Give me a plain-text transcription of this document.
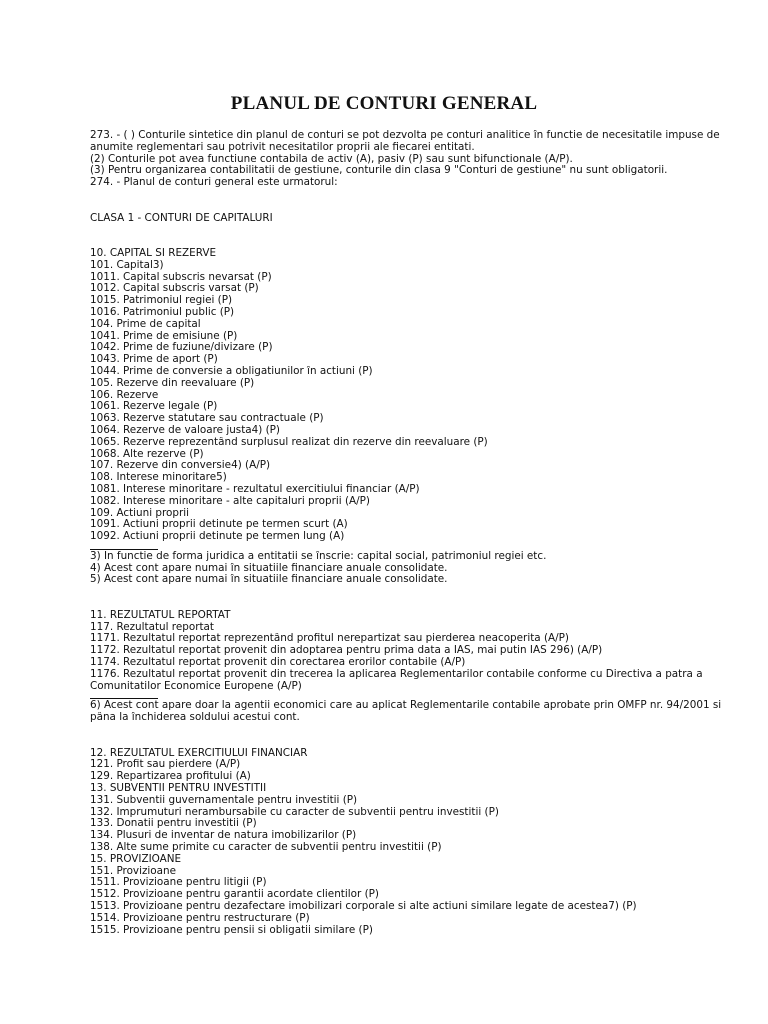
PLANUL DE CONTURI GENERAL
273. - ( ) Conturile sintetice din planul de conturi se pot dezvolta pe conturi analitice în functie de necesitatile impuse de
anumite reglementari sau potrivit necesitatilor proprii ale fiecarei entitati.
(2) Conturile pot avea functiune contabila de activ (A), pasiv (P) sau sunt bifunctionale (A/P).
(3) Pentru organizarea contabilitatii de gestiune, conturile din clasa 9 "Conturi de gestiune" nu sunt obligatorii.
274. - Planul de conturi general este urmatorul:
CLASA 1 - CONTURI DE CAPITALURI
10. CAPITAL SI REZERVE
101. Capital3)
1011. Capital subscris nevarsat (P)
1012. Capital subscris varsat (P)
1015. Patrimoniul regiei (P)
1016. Patrimoniul public (P)
104. Prime de capital
1041. Prime de emisiune (P)
1042. Prime de fuziune/divizare (P)
1043. Prime de aport (P)
1044. Prime de conversie a obligatiunilor în actiuni (P)
105. Rezerve din reevaluare (P)
106. Rezerve
1061. Rezerve legale (P)
1063. Rezerve statutare sau contractuale (P)
1064. Rezerve de valoare justa4) (P)
1065. Rezerve reprezentând surplusul realizat din rezerve din reevaluare (P)
1068. Alte rezerve (P)
107. Rezerve din conversie4) (A/P)
108. Interese minoritare5)
1081. Interese minoritare - rezultatul exercitiului financiar (A/P)
1082. Interese minoritare - alte capitaluri proprii (A/P)
109. Actiuni proprii
1091. Actiuni proprii detinute pe termen scurt (A)
1092. Actiuni proprii detinute pe termen lung (A)
3) În functie de forma juridica a entitatii se înscrie: capital social, patrimoniul regiei etc.
4) Acest cont apare numai în situatiile financiare anuale consolidate.
5) Acest cont apare numai în situatiile financiare anuale consolidate.
11. REZULTATUL REPORTAT
117. Rezultatul reportat
1171. Rezultatul reportat reprezentând profitul nerepartizat sau pierderea neacoperita (A/P)
1172. Rezultatul reportat provenit din adoptarea pentru prima data a IAS, mai putin IAS 296) (A/P)
1174. Rezultatul reportat provenit din corectarea erorilor contabile (A/P)
1176. Rezultatul reportat provenit din trecerea la aplicarea Reglementarilor contabile conforme cu Directiva a patra a
Comunitatilor Economice Europene (A/P)
6) Acest cont apare doar la agentii economici care au aplicat Reglementarile contabile aprobate prin OMFP nr. 94/2001 si
pâna la închiderea soldului acestui cont.
12. REZULTATUL EXERCITIULUI FINANCIAR
121. Profit sau pierdere (A/P)
129. Repartizarea profitului (A)
13. SUBVENTII PENTRU INVESTITII
131. Subventii guvernamentale pentru investitii (P)
132. Împrumuturi nerambursabile cu caracter de subventii pentru investitii (P)
133. Donatii pentru investitii (P)
134. Plusuri de inventar de natura imobilizarilor (P)
138. Alte sume primite cu caracter de subventii pentru investitii (P)
15. PROVIZIOANE
151. Provizioane
1511. Provizioane pentru litigii (P)
1512. Provizioane pentru garantii acordate clientilor (P)
1513. Provizioane pentru dezafectare imobilizari corporale si alte actiuni similare legate de acestea7) (P)
1514. Provizioane pentru restructurare (P)
1515. Provizioane pentru pensii si obligatii similare (P)
